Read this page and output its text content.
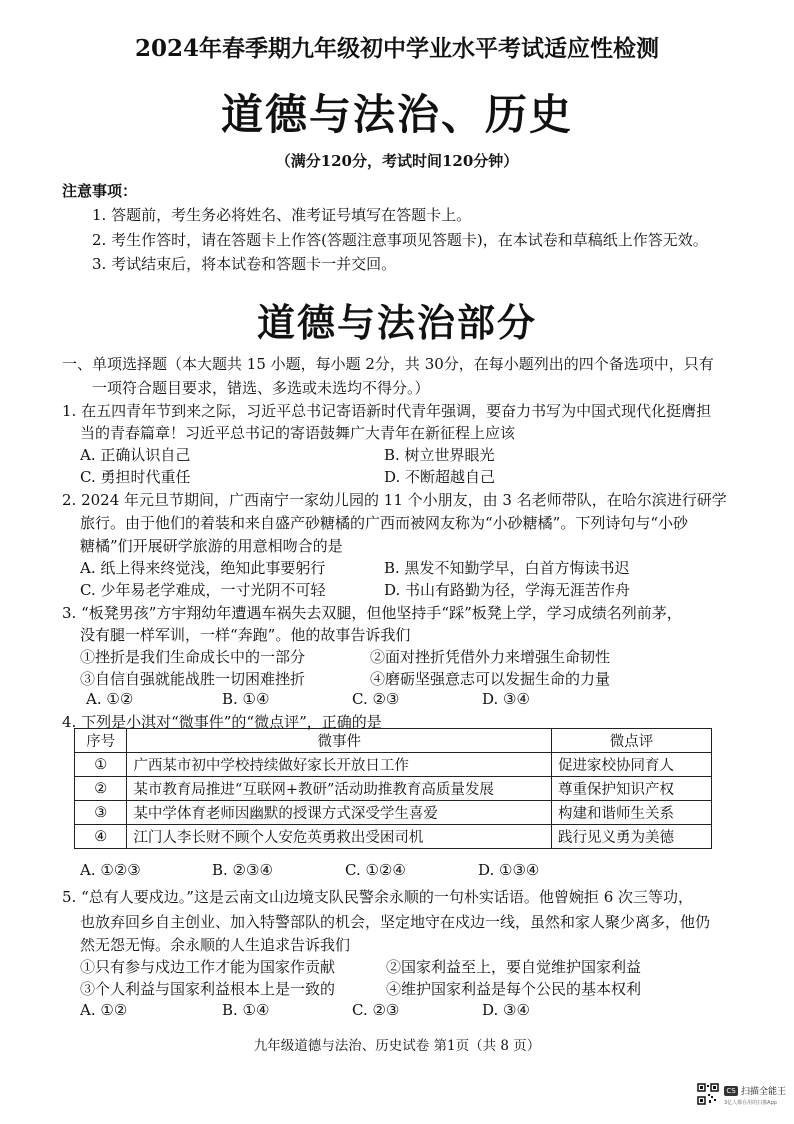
2024年春季期九年级初中学业水平考试适应性检测
道德与法治、历史
（满分120分，考试时间120分钟）
注意事项：
1. 答题前，考生务必将姓名、准考证号填写在答题卡上。
2. 考生作答时，请在答题卡上作答(答题注意事项见答题卡)，在本试卷和草稿纸上作答无效。
3. 考试结束后，将本试卷和答题卡一并交回。
道德与法治部分
一、单项选择题（本大题共 15 小题，每小题 2分，共 30分，在每小题列出的四个备选项中，只有
一项符合题目要求，错选、多选或未选均不得分。）
1. 在五四青年节到来之际，习近平总书记寄语新时代青年强调，要奋力书写为中国式现代化挺膺担
当的青春篇章！习近平总书记的寄语鼓舞广大青年在新征程上应该
A. 正确认识自己	B. 树立世界眼光
C. 勇担时代重任	D. 不断超越自己
2. 2024 年元旦节期间，广西南宁一家幼儿园的 11 个小朋友，由 3 名老师带队，在哈尔滨进行研学
旅行。由于他们的着装和来自盛产砂糖橘的广西而被网友称为“小砂糖橘”。下列诗句与“小砂
糖橘”们开展研学旅游的用意相吻合的是
A. 纸上得来终觉浅，绝知此事要躬行	B. 黑发不知勤学早，白首方悔读书迟
C. 少年易老学难成，一寸光阴不可轻	D. 书山有路勤为径，学海无涯苦作舟
3. “板凳男孩”方宇翔幼年遭遇车祸失去双腿，但他坚持手“踩”板凳上学，学习成绩名列前茅，
没有腿一样军训，一样“奔跑”。他的故事告诉我们
①挫折是我们生命成长中的一部分	②面对挫折凭借外力来增强生命韧性
③自信自强就能战胜一切困难挫折	④磨砺坚强意志可以发掘生命的力量
A. ①②	B. ①④	C. ②③	D. ③④
4. 下列是小淇对“微事件”的“微点评”，正确的是
序号	微事件	微点评
①	广西某市初中学校持续做好家长开放日工作	促进家校协同育人
②	某市教育局推进“互联网+教研”活动助推教育高质量发展	尊重保护知识产权
③	某中学体育老师因幽默的授课方式深受学生喜爱	构建和谐师生关系
④	江门人李长财不顾个人安危英勇救出受困司机	践行见义勇为美德
A. ①②③	B. ②③④	C. ①②④	D. ①③④
5. “总有人要戍边。”这是云南文山边境支队民警余永顺的一句朴实话语。他曾婉拒 6 次三等功，
也放弃回乡自主创业、加入特警部队的机会，坚定地守在戍边一线，虽然和家人聚少离多，他仍
然无怨无悔。余永顺的人生追求告诉我们
①只有参与戍边工作才能为国家作贡献	②国家利益至上，要自觉维护国家利益
③个人利益与国家利益根本上是一致的	④维护国家利益是每个公民的基本权利
A. ①②	B. ①④	C. ②③	D. ③④
九年级道德与法治、历史试卷 第1页（共 8 页）
CS 扫描全能王
3亿人都在用的扫描App
